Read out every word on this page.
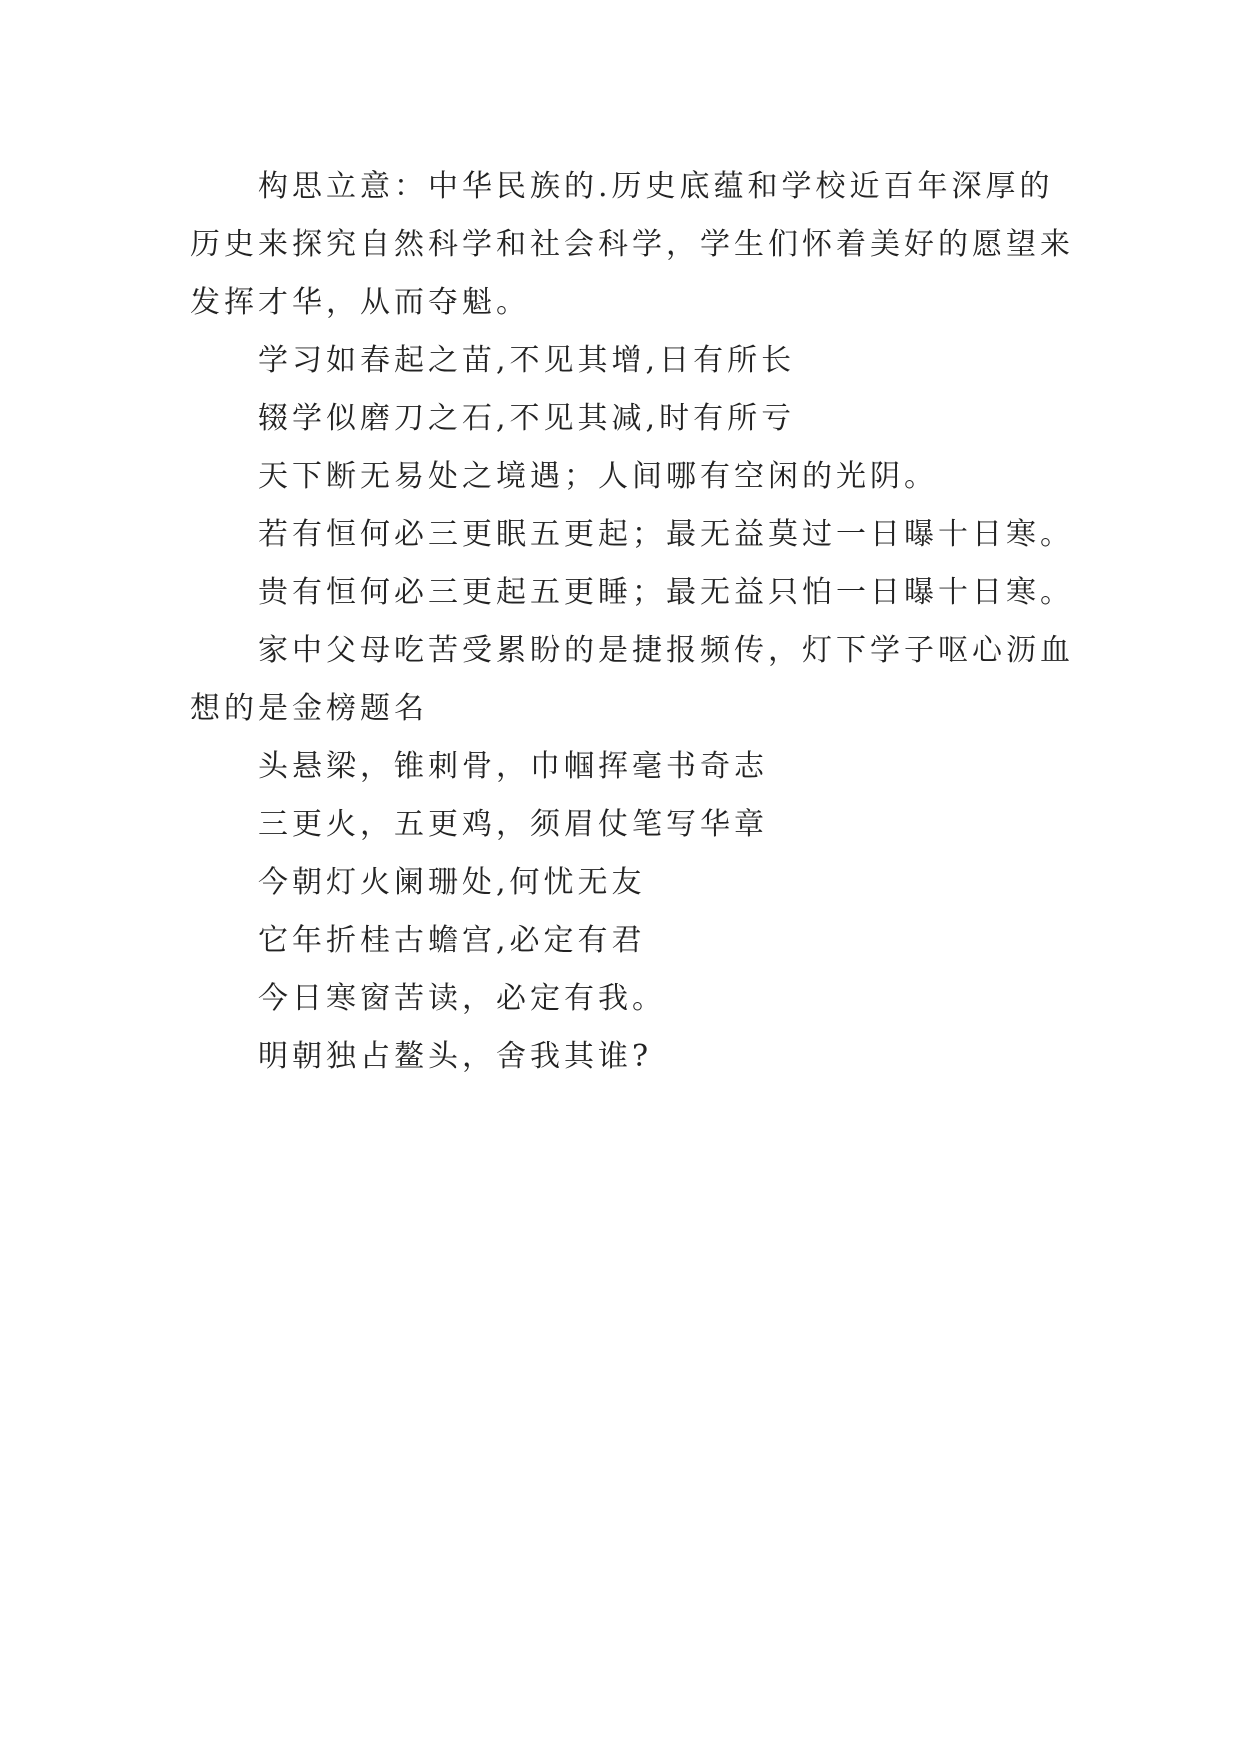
构思立意：中华民族的.历史底蕴和学校近百年深厚的历史来探究自然科学和社会科学，学生们怀着美好的愿望来发挥才华，从而夺魁。

学习如春起之苗,不见其增,日有所长

辍学似磨刀之石,不见其减,时有所亏

天下断无易处之境遇；人间哪有空闲的光阴。

若有恒何必三更眠五更起；最无益莫过一日曝十日寒。

贵有恒何必三更起五更睡；最无益只怕一日曝十日寒。

家中父母吃苦受累盼的是捷报频传，灯下学子呕心沥血想的是金榜题名

头悬梁，锥刺骨，巾帼挥毫书奇志

三更火，五更鸡，须眉仗笔写华章

今朝灯火阑珊处,何忧无友

它年折桂古蟾宫,必定有君

今日寒窗苦读，必定有我。

明朝独占鳌头，舍我其谁?
